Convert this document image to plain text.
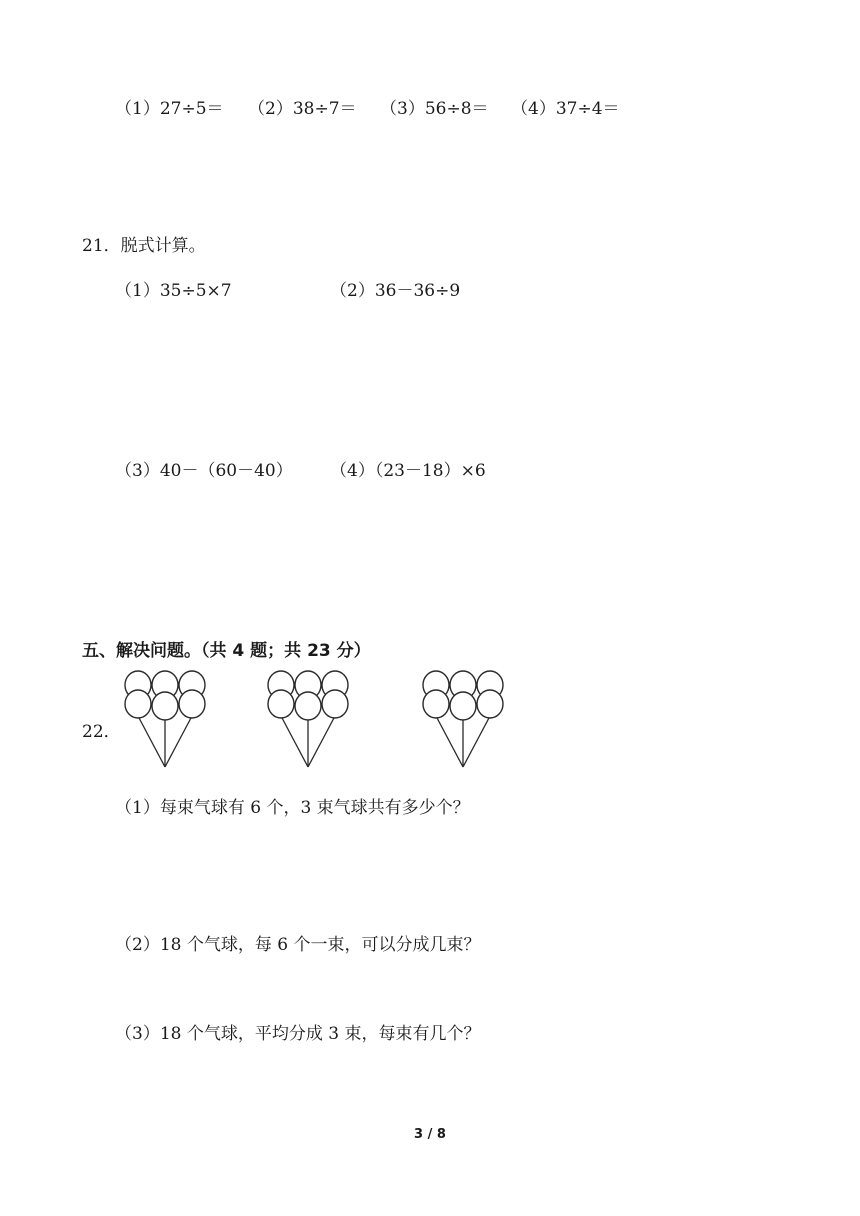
（1）27÷5＝ （2）38÷7＝ （3）56÷8＝ （4）37÷4＝
21．脱式计算。
（1）35÷5×7	（2）36－36÷9
（3）40－（60－40） （4）（23－18）×6
五、解决问题。（共 4 题；共 23 分）
22．
（1）每束气球有 6 个，3 束气球共有多少个？
（2）18 个气球，每 6 个一束，可以分成几束？
（3）18 个气球，平均分成 3 束，每束有几个？
3 / 8
